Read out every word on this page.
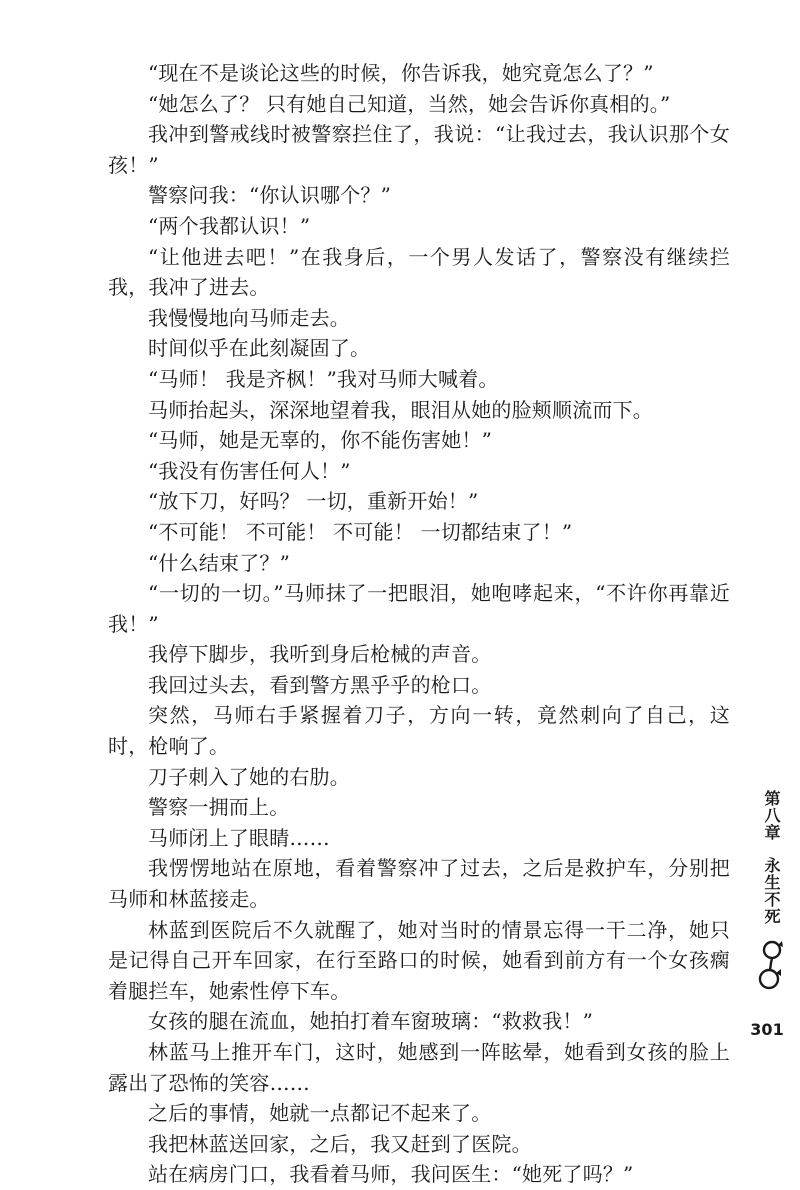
“现在不是谈论这些的时候，你告诉我，她究竟怎么了？”

“她怎么了？ 只有她自己知道，当然，她会告诉你真相的。”

我冲到警戒线时被警察拦住了，我说：“让我过去，我认识那个女孩！”

警察问我：“你认识哪个？”

“两个我都认识！”

“让他进去吧！”在我身后，一个男人发话了，警察没有继续拦我，我冲了进去。

我慢慢地向马师走去。

时间似乎在此刻凝固了。

“马师！ 我是齐枫！”我对马师大喊着。

马师抬起头，深深地望着我，眼泪从她的脸颊顺流而下。

“马师，她是无辜的，你不能伤害她！”

“我没有伤害任何人！”

“放下刀，好吗？ 一切，重新开始！”

“不可能！ 不可能！ 不可能！ 一切都结束了！”

“什么结束了？”

“一切的一切。”马师抹了一把眼泪，她咆哮起来，“不许你再靠近我！”

我停下脚步，我听到身后枪械的声音。

我回过头去，看到警方黑乎乎的枪口。

突然，马师右手紧握着刀子，方向一转，竟然刺向了自己，这时，枪响了。

刀子刺入了她的右肋。

警察一拥而上。

马师闭上了眼睛……

我愣愣地站在原地，看着警察冲了过去，之后是救护车，分别把马师和林蓝接走。

林蓝到医院后不久就醒了，她对当时的情景忘得一干二净，她只是记得自己开车回家，在行至路口的时候，她看到前方有一个女孩瘸着腿拦车，她索性停下车。

女孩的腿在流血，她拍打着车窗玻璃：“救救我！”

林蓝马上推开车门，这时，她感到一阵眩晕，她看到女孩的脸上露出了恐怖的笑容……

之后的事情，她就一点都记不起来了。

我把林蓝送回家，之后，我又赶到了医院。

站在病房门口，我看着马师，我问医生：“她死了吗？”

第八章
永生不死
301
